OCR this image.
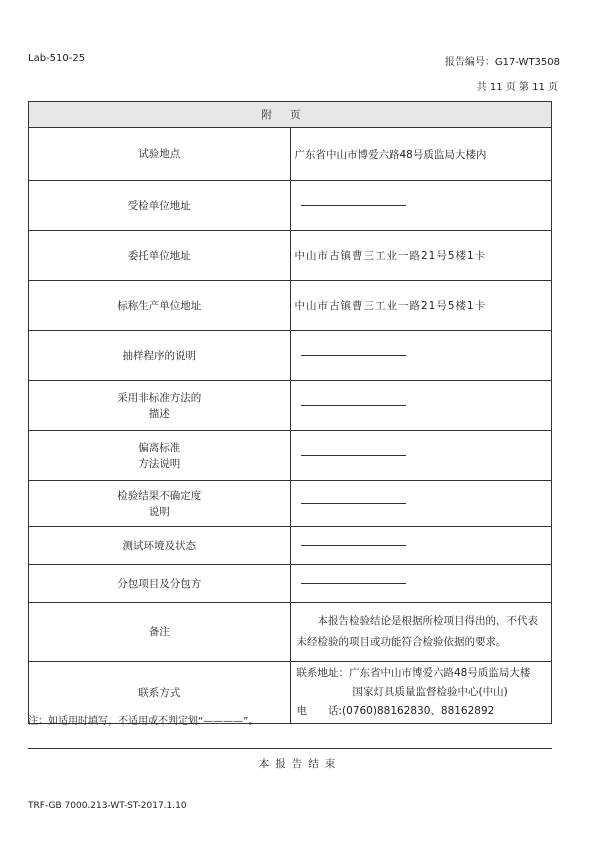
Lab-510-25	报告编号：G17-WT3508
共 11 页 第 11 页
附页	
试验地点	广东省中山市博爱六路48号质监局大楼内
受检单位地址	
委托单位地址	中山市古镇曹三工业一路21号5楼1卡
标称生产单位地址	中山市古镇曹三工业一路21号5楼1卡
抽样程序的说明	

采用非标准方法的
描述	

偏离标准
方法说明	

检验结果不确定度
说明	

测试环境及状态	
分包项目及分包方	
备注	本报告检验结论是根据所检项目得出的，不代表未经检验的项目或功能符合检验依据的要求。
联系方式	联系地址：广东省中山市博爱六路48号质监局大楼
国家灯具质量监督检验中心(中山)
电　　话:(0760)88162830、88162892
注：如适用时填写，不适用或不判定划“————”。
本报告结束
TRF-GB 7000.213-WT-ST-2017.1.10
